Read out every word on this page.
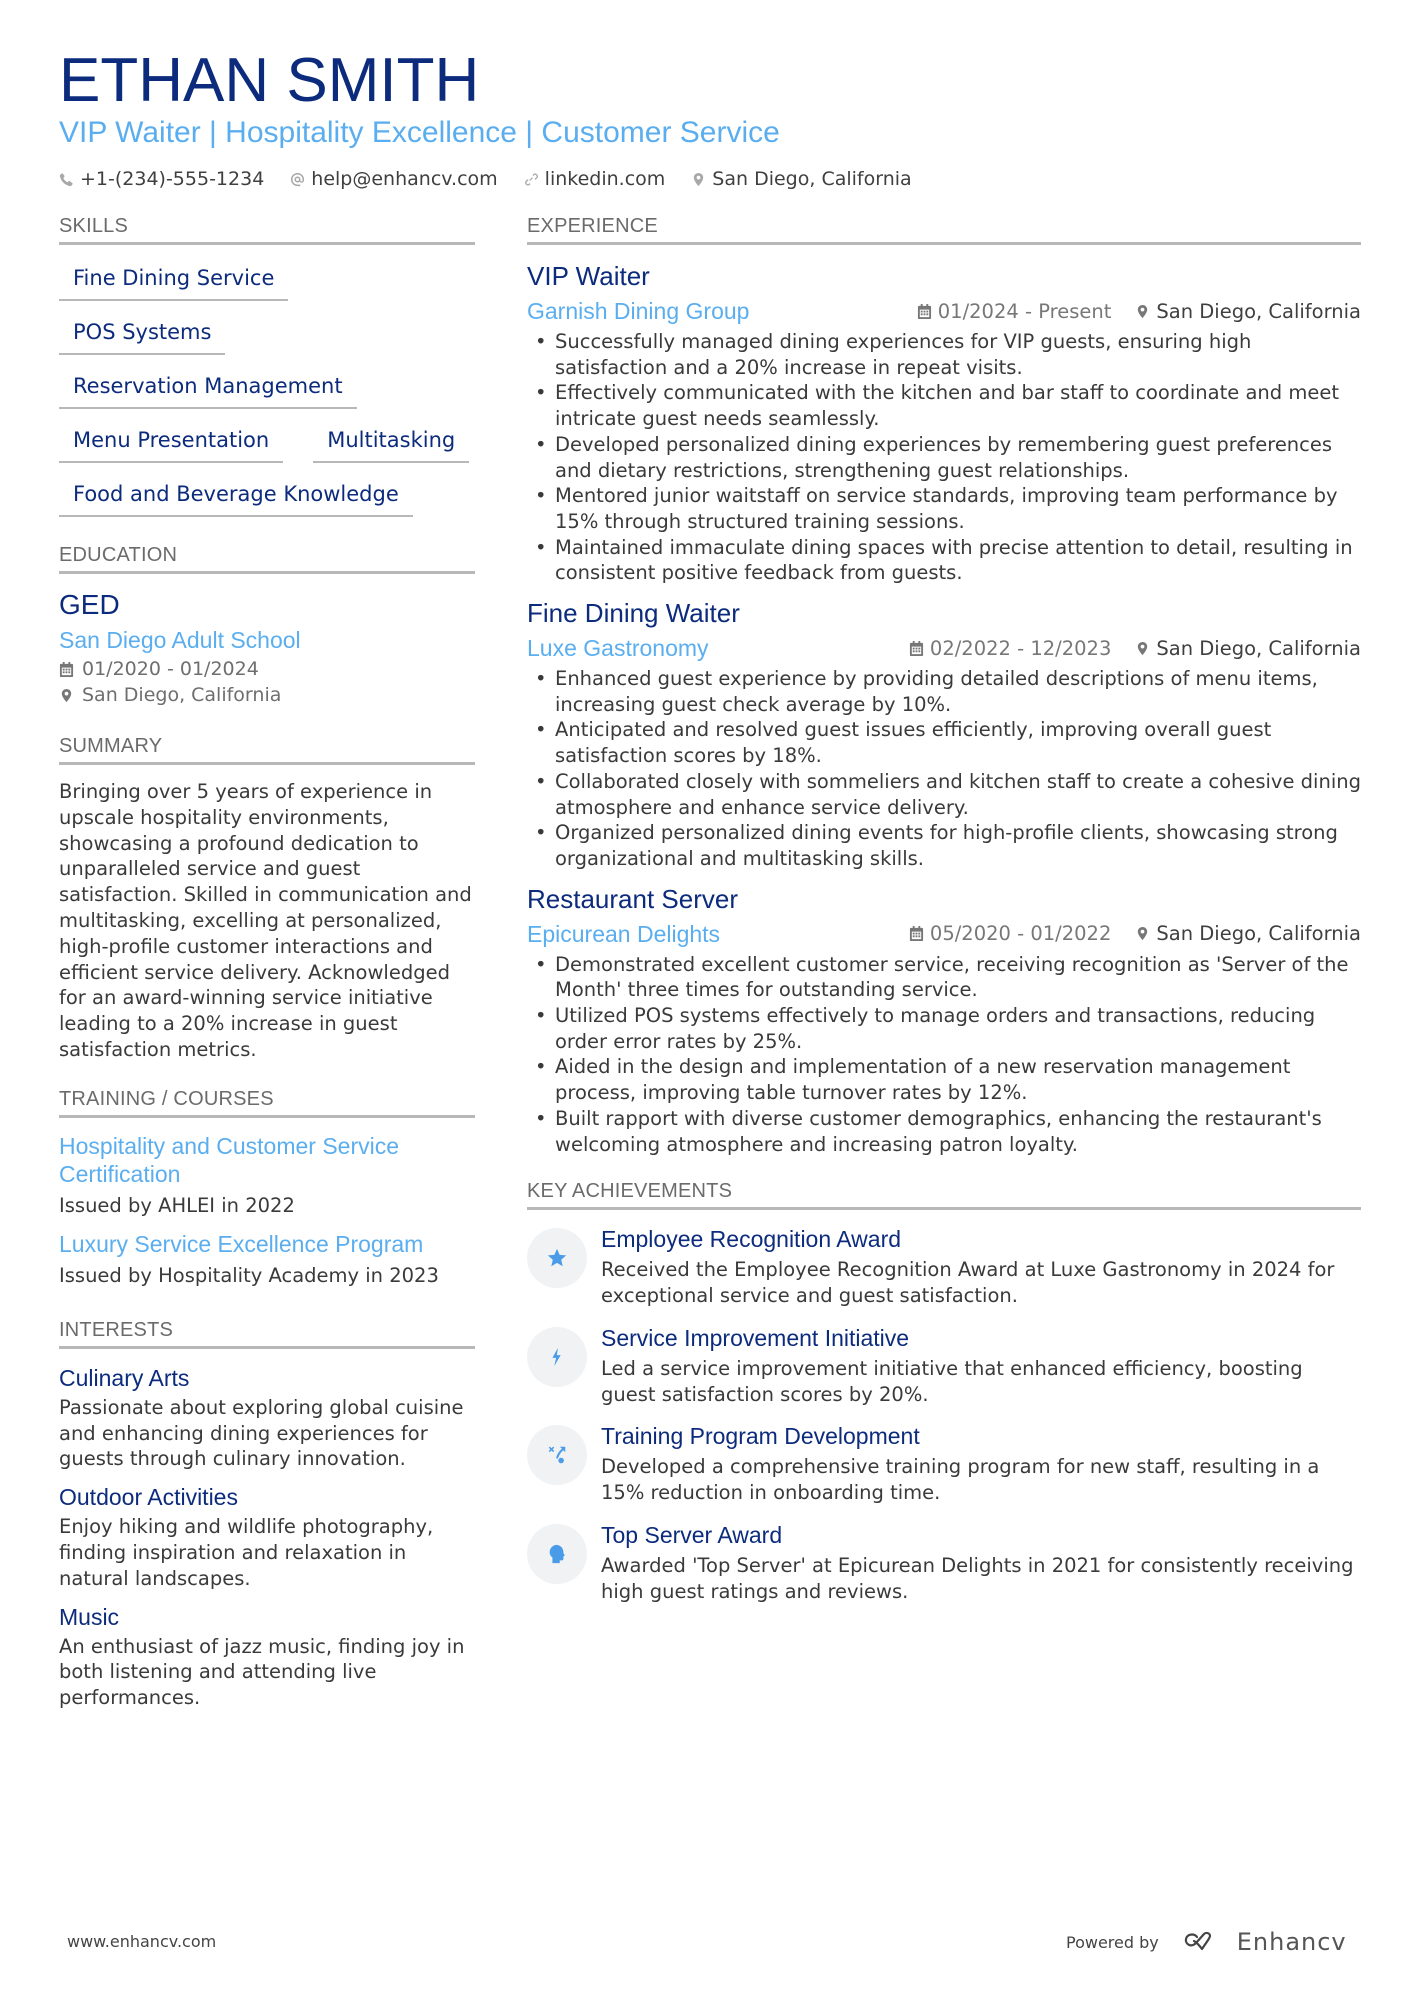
ETHAN SMITH
VIP Waiter | Hospitality Excellence | Customer Service
+1-(234)-555-1234 help@enhancv.com linkedin.com San Diego, California
SKILLS
Fine Dining Service
POS Systems
Reservation Management
Menu Presentation	Multitasking
Food and Beverage Knowledge
EDUCATION
GED
San Diego Adult School
01/2020 - 01/2024
San Diego, California
SUMMARY

Bringing over 5 years of experience in upscale hospitality environments, showcasing a profound dedication to unparalleled service and guest satisfaction. Skilled in communication and multitasking, excelling at personalized, high-profile customer interactions and efficient service delivery. Acknowledged for an award-winning service initiative leading to a 20% increase in guest satisfaction metrics.

TRAINING / COURSES
Hospitality and Customer Service Certification
Issued by AHLEI in 2022
Luxury Service Excellence Program
Issued by Hospitality Academy in 2023
INTERESTS
Culinary Arts
Passionate about exploring global cuisine and enhancing dining experiences for guests through culinary innovation.
Outdoor Activities
Enjoy hiking and wildlife photography, finding inspiration and relaxation in natural landscapes.
Music
An enthusiast of jazz music, finding joy in both listening and attending live performances.
EXPERIENCE
VIP Waiter
Garnish Dining Group	01/2024 - Present San Diego, California
• Successfully managed dining experiences for VIP guests, ensuring high satisfaction and a 20% increase in repeat visits.
• Effectively communicated with the kitchen and bar staff to coordinate and meet intricate guest needs seamlessly.
• Developed personalized dining experiences by remembering guest preferences and dietary restrictions, strengthening guest relationships.
• Mentored junior waitstaff on service standards, improving team performance by 15% through structured training sessions.
• Maintained immaculate dining spaces with precise attention to detail, resulting in consistent positive feedback from guests.
Fine Dining Waiter
Luxe Gastronomy	02/2022 - 12/2023 San Diego, California
• Enhanced guest experience by providing detailed descriptions of menu items, increasing guest check average by 10%.
• Anticipated and resolved guest issues efficiently, improving overall guest satisfaction scores by 18%.
• Collaborated closely with sommeliers and kitchen staff to create a cohesive dining atmosphere and enhance service delivery.
• Organized personalized dining events for high-profile clients, showcasing strong organizational and multitasking skills.
Restaurant Server
Epicurean Delights	05/2020 - 01/2022 San Diego, California
• Demonstrated excellent customer service, receiving recognition as 'Server of the Month' three times for outstanding service.
• Utilized POS systems effectively to manage orders and transactions, reducing order error rates by 25%.
• Aided in the design and implementation of a new reservation management process, improving table turnover rates by 12%.
• Built rapport with diverse customer demographics, enhancing the restaurant's welcoming atmosphere and increasing patron loyalty.
KEY ACHIEVEMENTS
Employee Recognition Award
Received the Employee Recognition Award at Luxe Gastronomy in 2024 for exceptional service and guest satisfaction.
Service Improvement Initiative
Led a service improvement initiative that enhanced efficiency, boosting guest satisfaction scores by 20%.
Training Program Development
Developed a comprehensive training program for new staff, resulting in a 15% reduction in onboarding time.
Top Server Award
Awarded 'Top Server' at Epicurean Delights in 2021 for consistently receiving high guest ratings and reviews.
www.enhancv.com	Powered by	Enhancv
